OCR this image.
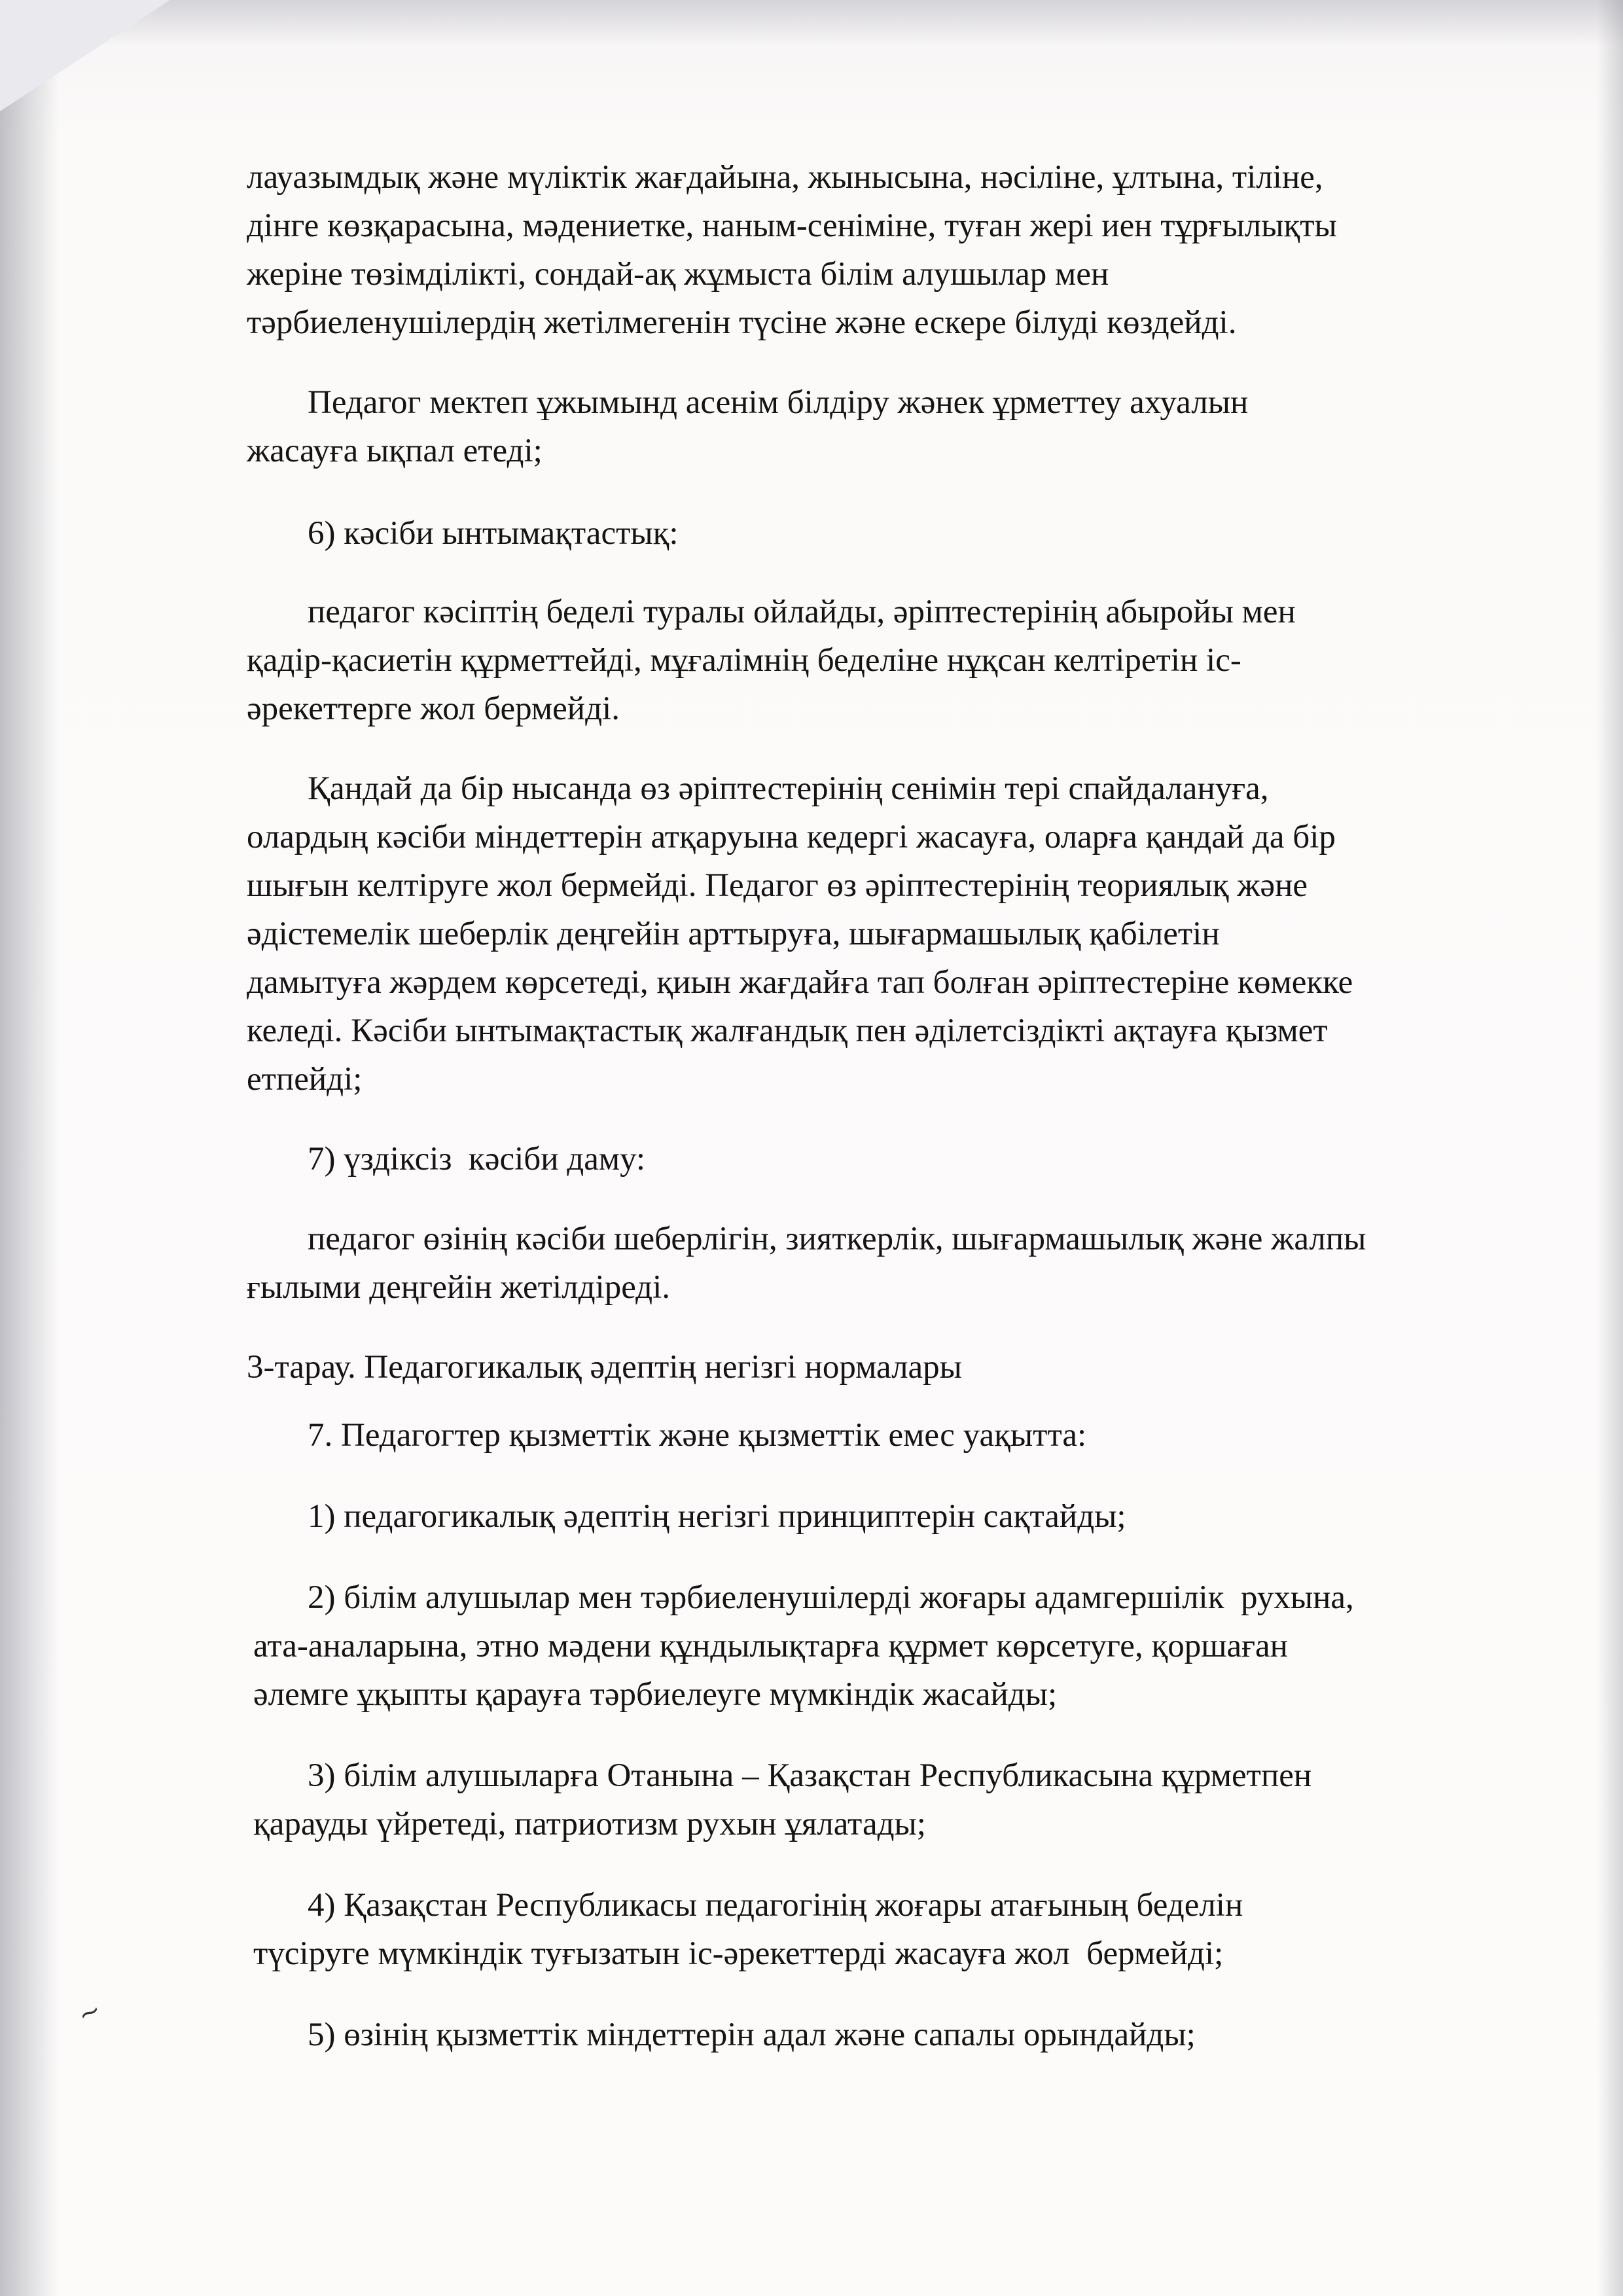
лауазымдық және мүліктік жағдайына, жынысына, нәсіліне, ұлтына, тіліне,

дінге көзқарасына, мәдениетке, наным-сеніміне, туған жері иен тұрғылықты

жеріне төзімділікті, сондай-ақ жұмыста білім алушылар мен

тәрбиеленушілердің жетілмегенін түсіне және ескере білуді көздейді.

Педагог мектеп ұжымынд асенім білдіру жәнек ұрметтеу ахуалын

жасауға ықпал етеді;

6) кәсіби ынтымақтастық:

педагог кәсіптің беделі туралы ойлайды, әріптестерінің абыройы мен

қадір-қасиетін құрметтейді, мұғалімнің беделіне нұқсан келтіретін іс-

әрекеттерге жол бермейді.

Қандай да бір нысанда өз әріптестерінің сенімін тері спайдалануға,

олардың кәсіби міндеттерін атқаруына кедергі жасауға, оларға қандай да бір

шығын келтіруге жол бермейді. Педагог өз әріптестерінің теориялық және

әдістемелік шеберлік деңгейін арттыруға, шығармашылық қабілетін

дамытуға жәрдем көрсетеді, қиын жағдайға тап болған әріптестеріне көмекке

келеді. Кәсіби ынтымақтастық жалғандық пен әділетсіздікті ақтауға қызмет

етпейді;

7) үздіксіз  кәсіби даму:

педагог өзінің кәсіби шеберлігін, зияткерлік, шығармашылық және жалпы

ғылыми деңгейін жетілдіреді.

3-тарау. Педагогикалық әдептің негізгі нормалары

7. Педагогтер қызметтік және қызметтік емес уақытта:

1) педагогикалық әдептің негізгі принциптерін сақтайды;

2) білім алушылар мен тәрбиеленушілерді жоғары адамгершілік  рухына,

ата-аналарына, этно мәдени құндылықтарға құрмет көрсетуге, қоршаған

әлемге ұқыпты қарауға тәрбиелеуге мүмкіндік жасайды;

3) білім алушыларға Отанына – Қазақстан Республикасына құрметпен

қарауды үйретеді, патриотизм рухын ұялатады;

4) Қазақстан Республикасы педагогінің жоғары атағының беделін

түсіруге мүмкіндік туғызатын іс-әрекеттерді жасауға жол  бермейді;

5) өзінің қызметтік міндеттерін адал және сапалы орындайды;

~
